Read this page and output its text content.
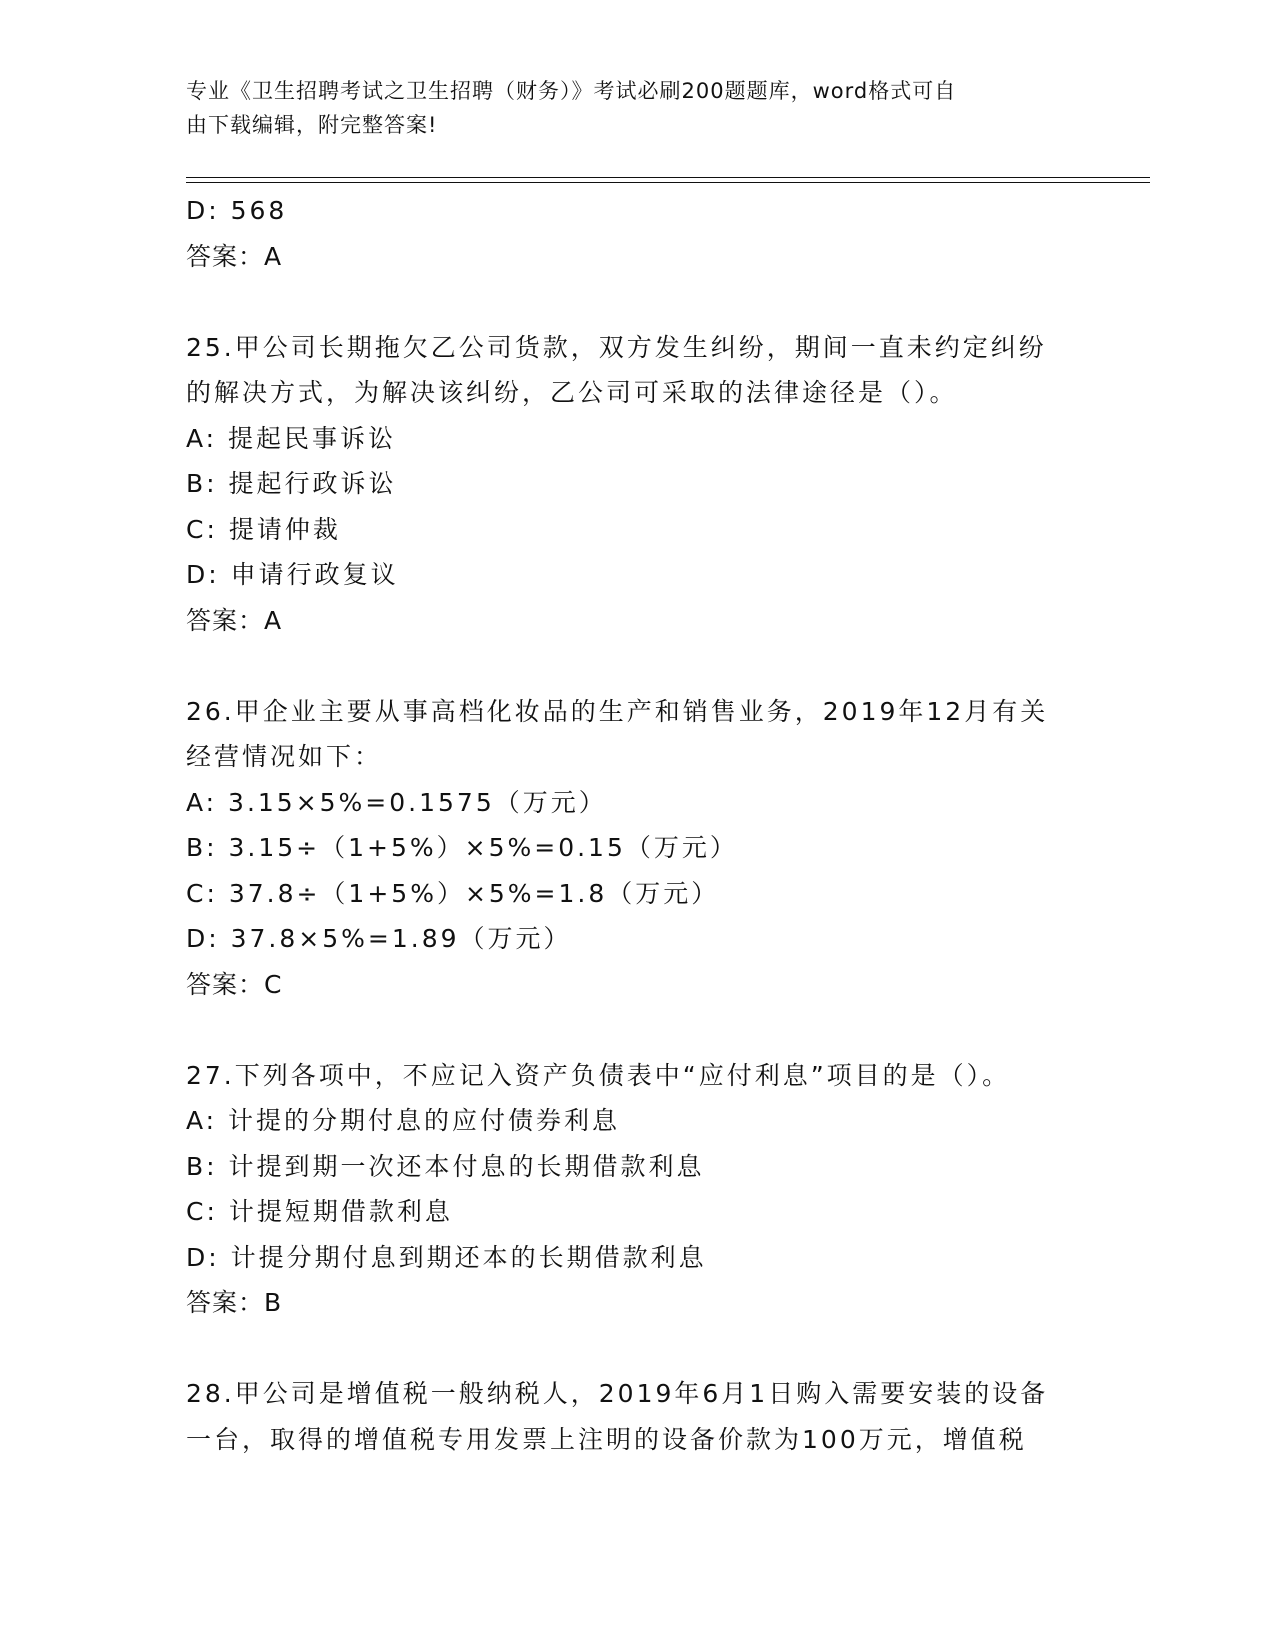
专业《卫生招聘考试之卫生招聘（财务）》考试必刷200题题库，word格式可自
由下载编辑，附完整答案!
D: 568
答案：A
25.甲公司长期拖欠乙公司货款，双方发生纠纷，期间一直未约定纠纷
的解决方式，为解决该纠纷，乙公司可采取的法律途径是（）。
A: 提起民事诉讼
B: 提起行政诉讼
C: 提请仲裁
D: 申请行政复议
答案：A
26.甲企业主要从事高档化妆品的生产和销售业务，2019年12月有关
经营情况如下：
A: 3.15×5%=0.1575（万元）
B: 3.15÷（1+5%）×5%=0.15（万元）
C: 37.8÷（1+5%）×5%=1.8（万元）
D: 37.8×5%=1.89（万元）
答案：C
27.下列各项中，不应记入资产负债表中“应付利息”项目的是（）。
A: 计提的分期付息的应付债券利息
B: 计提到期一次还本付息的长期借款利息
C: 计提短期借款利息
D: 计提分期付息到期还本的长期借款利息
答案：B
28.甲公司是增值税一般纳税人，2019年6月1日购入需要安装的设备
一台，取得的增值税专用发票上注明的设备价款为100万元，增值税
